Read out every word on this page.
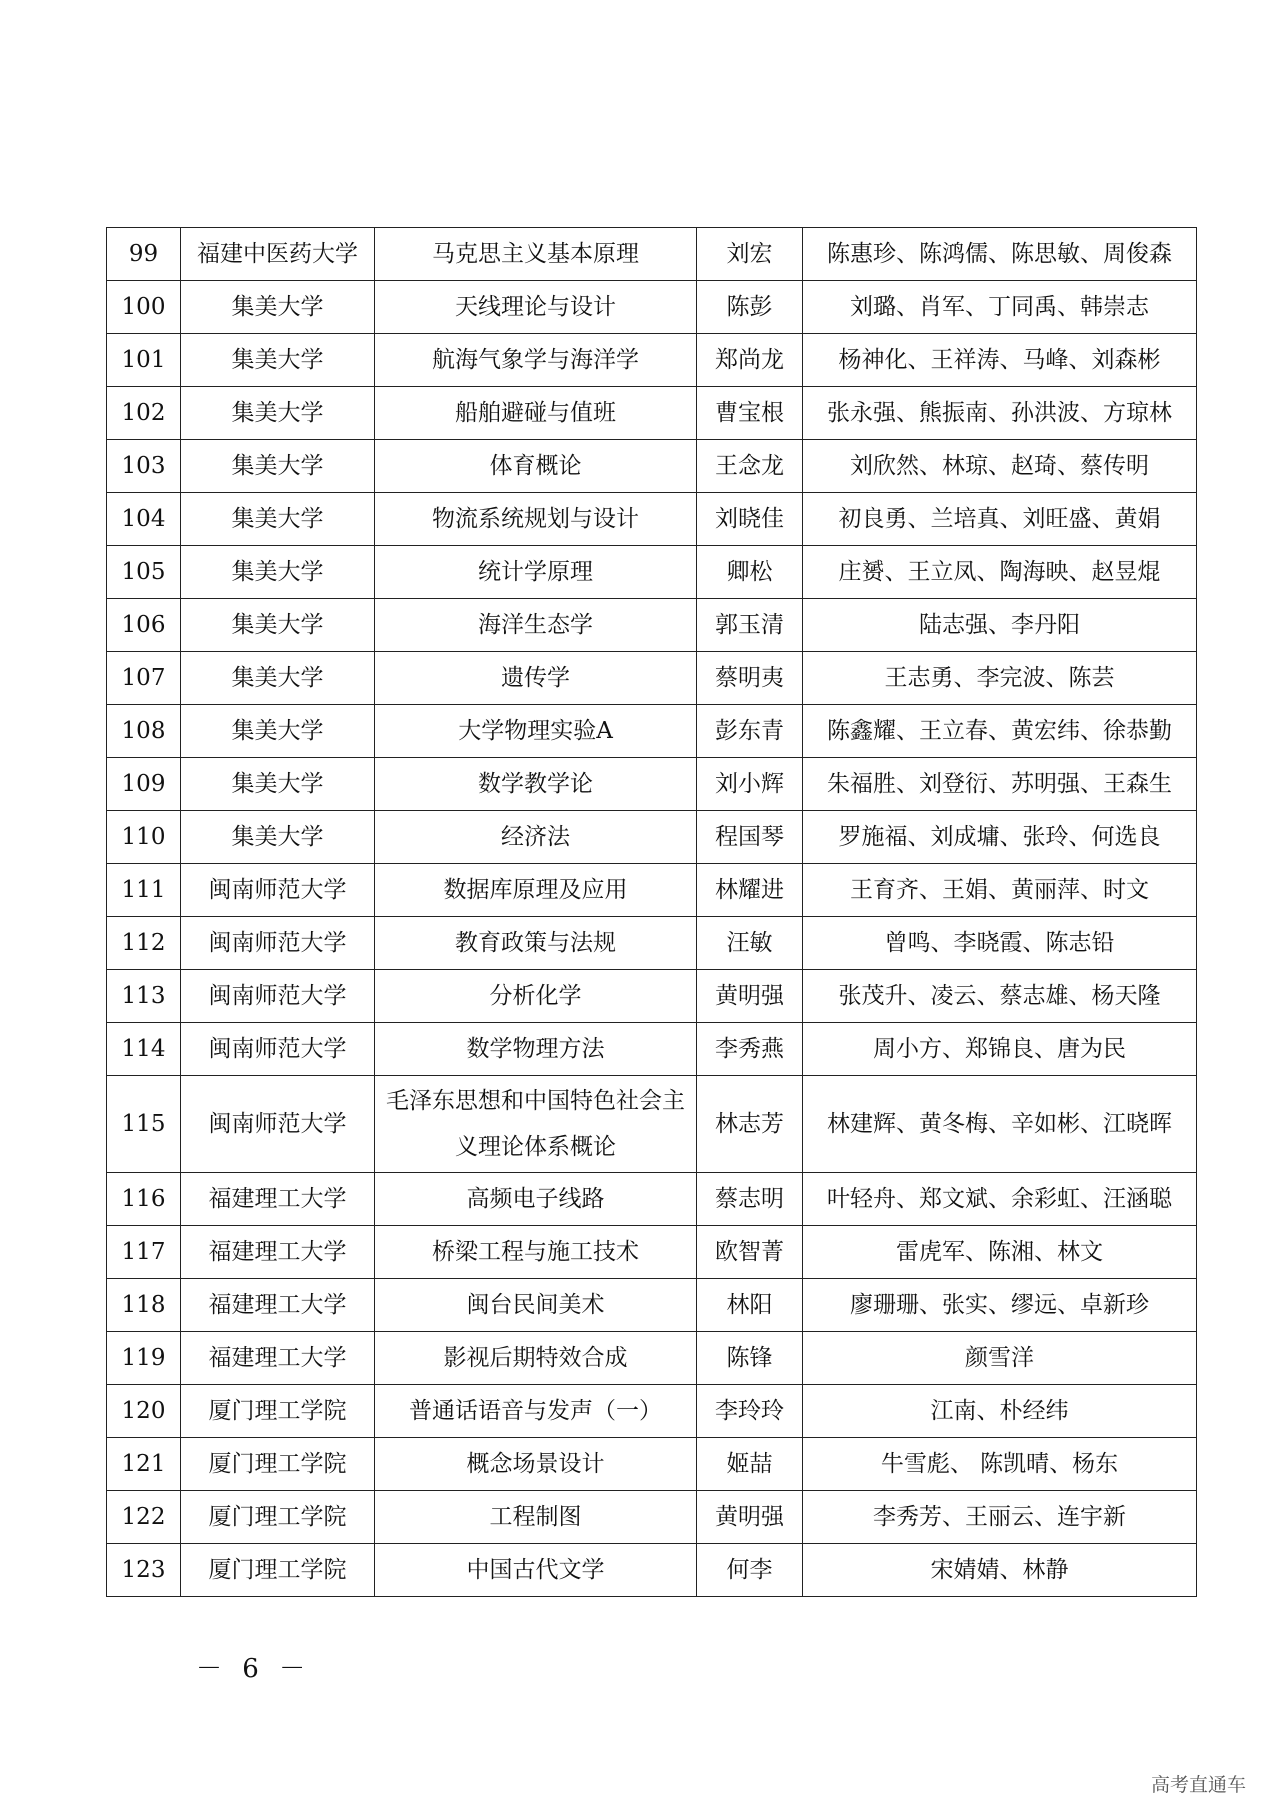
99	福建中医药大学	马克思主义基本原理	刘宏	陈惠珍、陈鸿儒、陈思敏、周俊森
100	集美大学	天线理论与设计	陈彭	刘璐、肖军、丁同禹、韩崇志
101	集美大学	航海气象学与海洋学	郑尚龙	杨神化、王祥涛、马峰、刘森彬
102	集美大学	船舶避碰与值班	曹宝根	张永强、熊振南、孙洪波、方琼林
103	集美大学	体育概论	王念龙	刘欣然、林琼、赵琦、蔡传明
104	集美大学	物流系统规划与设计	刘晓佳	初良勇、兰培真、刘旺盛、黄娟
105	集美大学	统计学原理	卿松	庄赟、王立凤、陶海映、赵昱焜
106	集美大学	海洋生态学	郭玉清	陆志强、李丹阳
107	集美大学	遗传学	蔡明夷	王志勇、李完波、陈芸
108	集美大学	大学物理实验A	彭东青	陈鑫耀、王立春、黄宏纬、徐恭勤
109	集美大学	数学教学论	刘小辉	朱福胜、刘登衍、苏明强、王森生
110	集美大学	经济法	程国琴	罗施福、刘成墉、张玲、何选良
111	闽南师范大学	数据库原理及应用	林耀进	王育齐、王娟、黄丽萍、时文
112	闽南师范大学	教育政策与法规	汪敏	曾鸣、李晓霞、陈志铅
113	闽南师范大学	分析化学	黄明强	张茂升、凌云、蔡志雄、杨天隆
114	闽南师范大学	数学物理方法	李秀燕	周小方、郑锦良、唐为民
115	闽南师范大学	毛泽东思想和中国特色社会主义理论体系概论	林志芳	林建辉、黄冬梅、辛如彬、江晓晖
116	福建理工大学	高频电子线路	蔡志明	叶轻舟、郑文斌、余彩虹、汪涵聪
117	福建理工大学	桥梁工程与施工技术	欧智菁	雷虎军、陈湘、林文
118	福建理工大学	闽台民间美术	林阳	廖珊珊、张实、缪远、卓新珍
119	福建理工大学	影视后期特效合成	陈锋	颜雪洋
120	厦门理工学院	普通话语音与发声（一）	李玲玲	江南、朴经纬
121	厦门理工学院	概念场景设计	姬喆	牛雪彪、 陈凯晴、杨东
122	厦门理工学院	工程制图	黄明强	李秀芳、王丽云、连宇新
123	厦门理工学院	中国古代文学	何李	宋婧婧、林静
－ 6 －
高考直通车
